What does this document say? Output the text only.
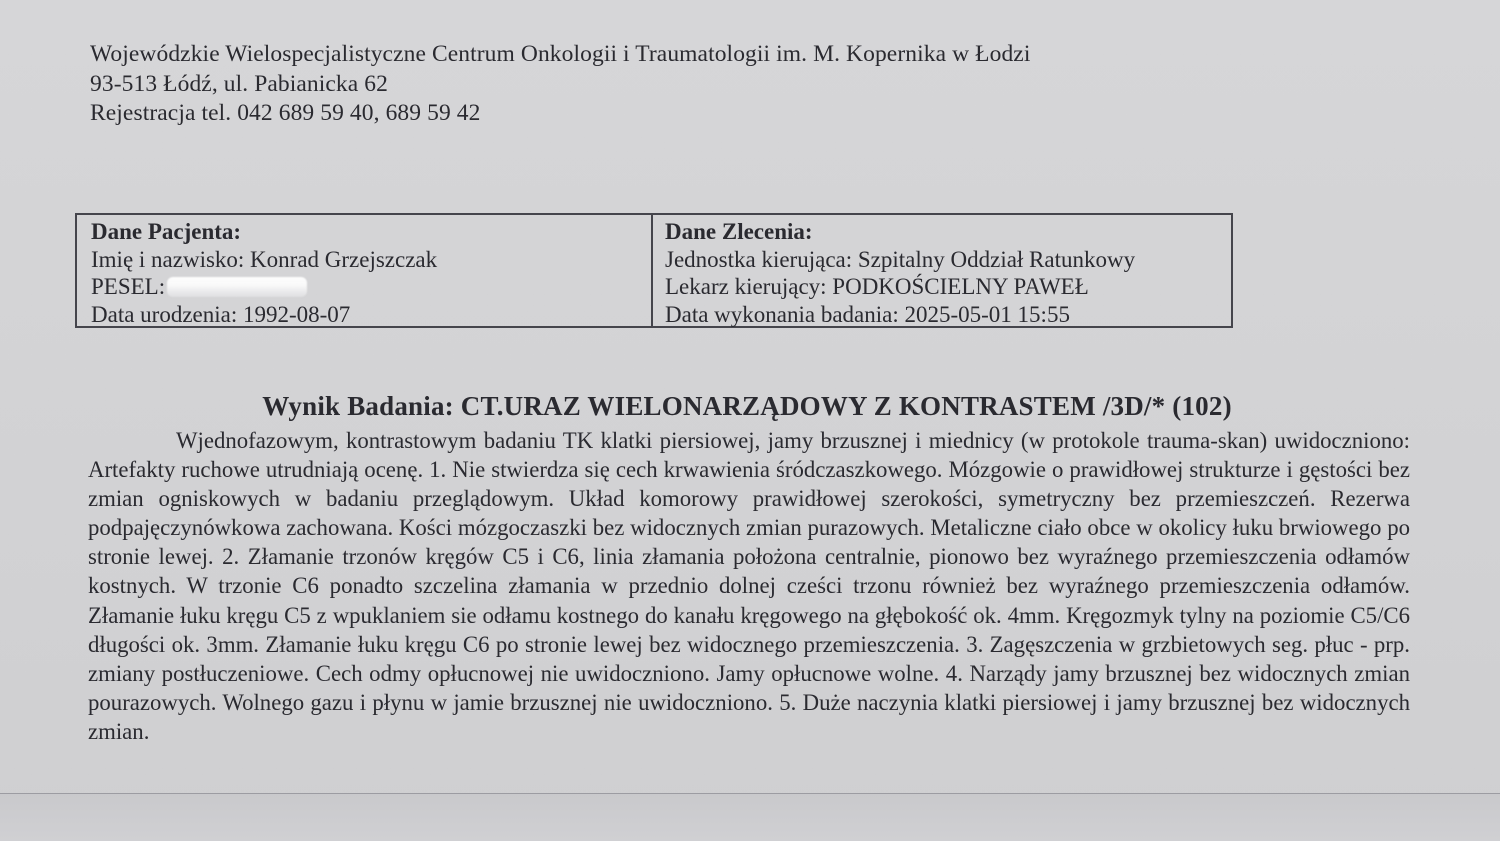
Wojewódzkie Wielospecjalistyczne Centrum Onkologii i Traumatologii im. M. Kopernika w Łodzi
93-513 Łódź, ul. Pabianicka 62
Rejestracja tel. 042 689 59 40, 689 59 42
Dane Pacjenta:
Imię i nazwisko: Konrad Grzejszczak
PESEL:
Data urodzenia: 1992-08-07
Dane Zlecenia:
Jednostka kierująca: Szpitalny Oddział Ratunkowy
Lekarz kierujący: PODKOŚCIELNY PAWEŁ
Data wykonania badania: 2025-05-01 15:55
Wynik Badania: CT.URAZ WIELONARZĄDOWY Z KONTRASTEM /3D/* (102)
Wjednofazowym, kontrastowym badaniu TK klatki piersiowej, jamy brzusznej i miednicy (w protokole trauma-skan) uwidoczniono: Artefakty ruchowe utrudniają ocenę. 1. Nie stwierdza się cech krwawienia śródczaszkowego. Mózgowie o prawidłowej strukturze i gęstości bez zmian ogniskowych w badaniu przeglądowym. Układ komorowy prawidłowej szerokości, symetryczny bez przemieszczeń. Rezerwa podpajęczynówkowa zachowana. Kości mózgoczaszki bez widocznych zmian purazowych. Metaliczne ciało obce w okolicy łuku brwiowego po stronie lewej. 2. Złamanie trzonów kręgów C5 i C6, linia złamania położona centralnie, pionowo bez wyraźnego przemieszczenia odłamów kostnych. W trzonie C6 ponadto szczelina złamania w przednio dolnej cześci trzonu również bez wyraźnego przemieszczenia odłamów. Złamanie łuku kręgu C5 z wpuklaniem sie odłamu kostnego do kanału kręgowego na głębokość ok. 4mm. Kręgozmyk tylny na poziomie C5/C6 długości ok. 3mm. Złamanie łuku kręgu C6 po stronie lewej bez widocznego przemieszczenia. 3. Zagęszczenia w grzbietowych seg. płuc - prp. zmiany postłuczeniowe. Cech odmy opłucnowej nie uwidoczniono. Jamy opłucnowe wolne. 4. Narządy jamy brzusznej bez widocznych zmian pourazowych. Wolnego gazu i płynu w jamie brzusznej nie uwidoczniono. 5. Duże naczynia klatki piersiowej i jamy brzusznej bez widocznych zmian.
